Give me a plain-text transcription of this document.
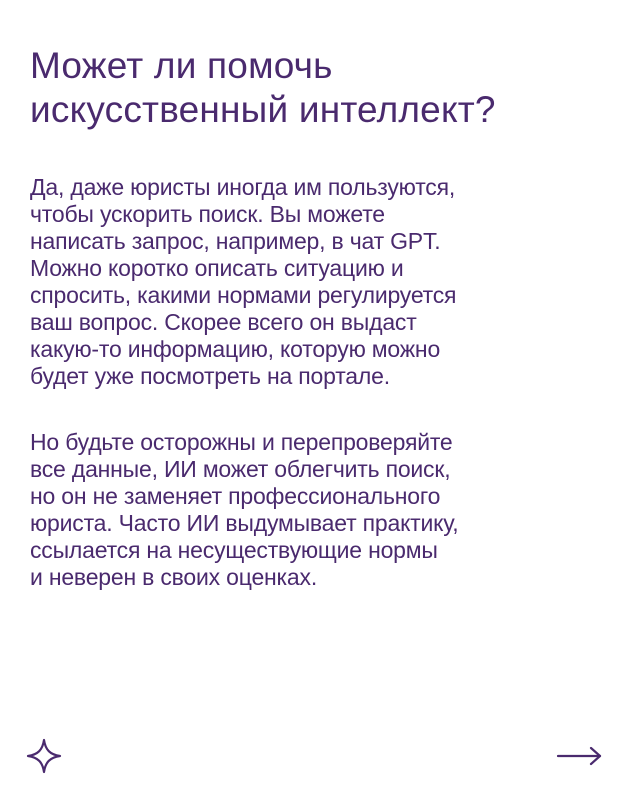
Может ли помочь
искусственный интеллект?

Да, даже юристы иногда им пользуются,
чтобы ускорить поиск. Вы можете
написать запрос, например, в чат GPT.
Можно коротко описать ситуацию и
спросить, какими нормами регулируется
ваш вопрос. Скорее всего он выдаст
какую-то информацию, которую можно
будет уже посмотреть на портале.

Но будьте осторожны и перепроверяйте
все данные, ИИ может облегчить поиск,
но он не заменяет профессионального
юриста. Часто ИИ выдумывает практику,
ссылается на несуществующие нормы
и неверен в своих оценках.
